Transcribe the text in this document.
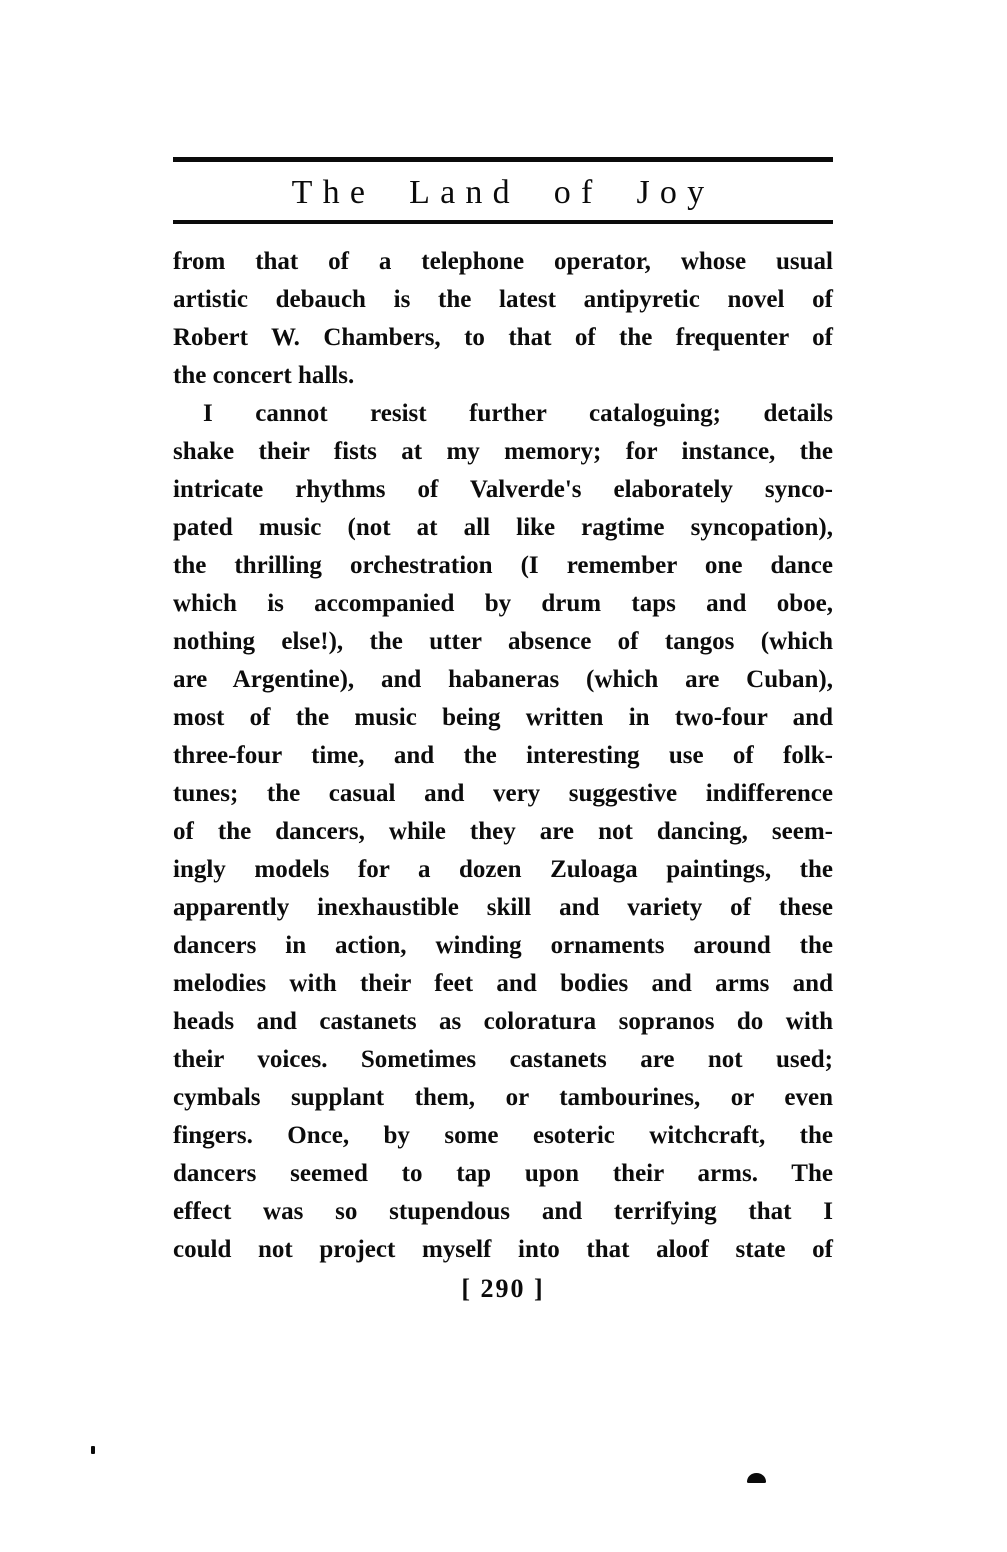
The Land of Joy
from that of a telephone operator, whose usual
artistic debauch is the latest antipyretic novel of
Robert W. Chambers, to that of the frequenter of
the concert halls.
I cannot resist further cataloguing; details
shake their fists at my memory; for instance, the
intricate rhythms of Valverde's elaborately synco-
pated music (not at all like ragtime syncopation),
the thrilling orchestration (I remember one dance
which is accompanied by drum taps and oboe,
nothing else!), the utter absence of tangos (which
are Argentine), and habaneras (which are Cuban),
most of the music being written in two-four and
three-four time, and the interesting use of folk-
tunes; the casual and very suggestive indifference
of the dancers, while they are not dancing, seem-
ingly models for a dozen Zuloaga paintings, the
apparently inexhaustible skill and variety of these
dancers in action, winding ornaments around the
melodies with their feet and bodies and arms and
heads and castanets as coloratura sopranos do with
their voices. Sometimes castanets are not used;
cymbals supplant them, or tambourines, or even
fingers. Once, by some esoteric witchcraft, the
dancers seemed to tap upon their arms. The
effect was so stupendous and terrifying that I
could not project myself into that aloof state of
[ 290 ]
